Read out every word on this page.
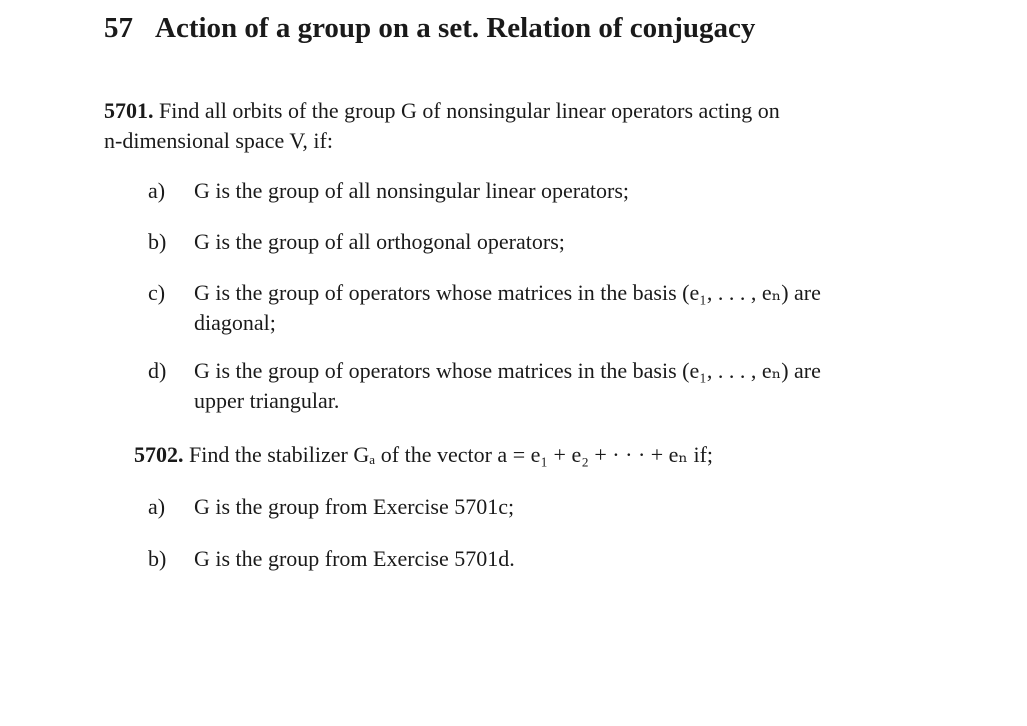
57 Action of a group on a set. Relation of conjugacy
5701. Find all orbits of the group G of nonsingular linear operators acting on
n-dimensional space V, if:
a) G is the group of all nonsingular linear operators;
b) G is the group of all orthogonal operators;
c) G is the group of operators whose matrices in the basis (e₁, . . . , eₙ) are
diagonal;
d) G is the group of operators whose matrices in the basis (e₁, . . . , eₙ) are
upper triangular.
5702. Find the stabilizer Gₐ of the vector a = e₁ + e₂ + · · · + eₙ if;
a) G is the group from Exercise 5701c;
b) G is the group from Exercise 5701d.
